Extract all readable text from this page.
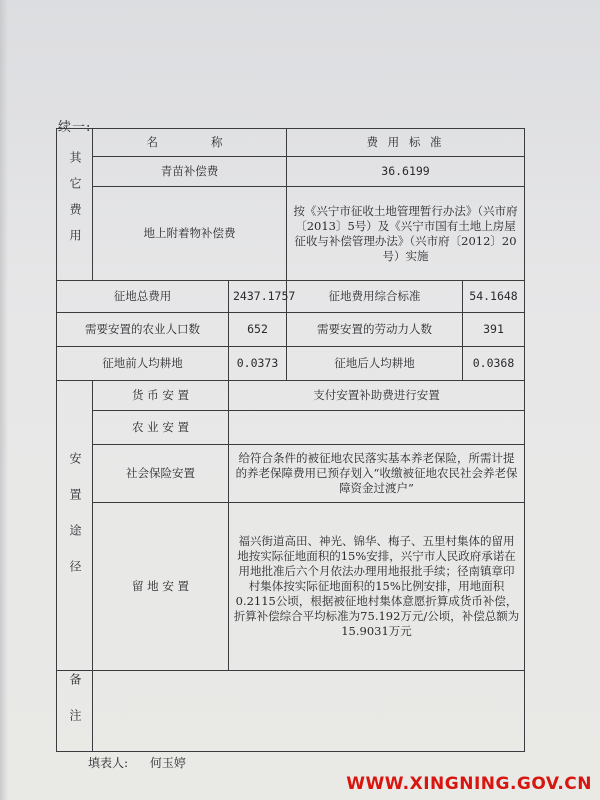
续一:
其它费用	名　　称		费 用 标 准	
	青苗补偿费		36.6199	
	地上附着物补偿费		按《兴宁市征收土地管理暂行办法》（兴市府〔2013〕5号）及《兴宁市国有土地上房屋征收与补偿管理办法》（兴市府〔2012〕20号）实施	

征地总费用		2437.1757	征地费用综合标准	54.1648
需要安置的农业人口数		652	需要安置的劳动力人数	391
征地前人均耕地		0.0373	征地后人均耕地	0.0368
安置途径	货 币 安 置	支付安置补助费进行安置		
	农 业 安 置			
	社会保险安置	给符合条件的被征地农民落实基本养老保险，所需计提的养老保障费用已预存划入“收缴被征地农民社会养老保障资金过渡户”		
	留 地 安 置	福兴街道高田、神光、锦华、梅子、五里村集体的留用地按实际征地面积的15%安排，兴宁市人民政府承诺在用地批准后六个月依法办理用地报批手续；径南镇章印村集体按实际征地面积的15%比例安排，用地面积0.2115公顷，根据被征地村集体意愿折算成货币补偿，折算补偿综合平均标准为75.192万元/公顷，补偿总额为15.9031万元		
备注				
填表人: 何玉婷
WWW.XINGNING.GOV.CN
